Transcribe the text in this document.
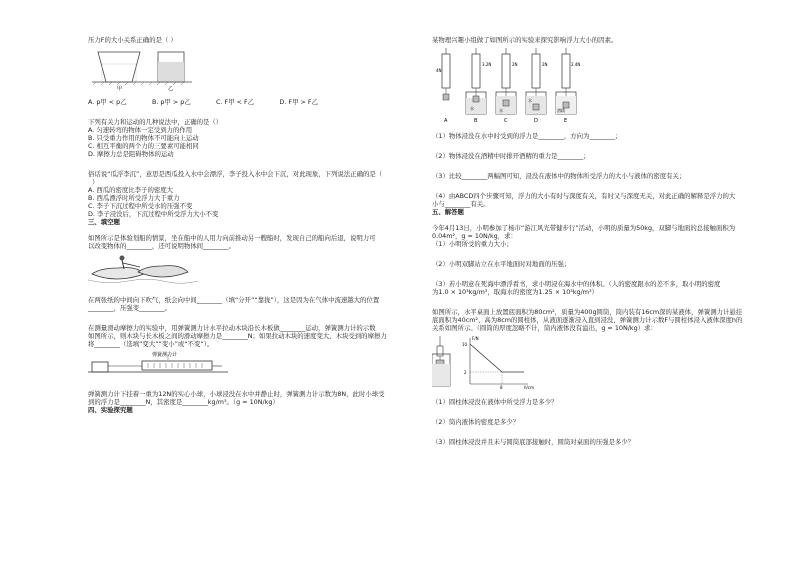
压力F的大小关系正确的是（ ）
甲	乙
A. p甲 < p乙	B. p甲 > p乙	C. F甲 < F乙	D. F甲 > F乙
下列有关力和运动的几种说法中，正确的是（）
A. 匀速转弯的物体一定受到力的作用
B. 只受重力作用的物体不可能向上运动
C. 相互平衡的两个力的三要素可能相同
D. 摩擦力总是阻碍物体的运动
俗话说“瓜浮李沉”，意思是西瓜投入水中会漂浮，李子投入水中会下沉，对此现象，下列说法正确的是（
）
A. 西瓜的密度比李子的密度大
B. 西瓜漂浮时所受浮力大于重力
C. 李子下沉过程中所受水的压强不变
D. 李子浸没后，下沉过程中所受浮力大小不变
三、填空题
如图所示是体验划船的情景，坐在船中的人用力向前推动另一艘船时，发现自己的船向后退，说明力可
以改变物体的________，还可说明物体间________。
在两张纸的中间向下吹气，纸会向中间________（填“分开”“靠拢”），这是因为在气体中流速越大的位置
________，压强变________。
在测量滑动摩擦力的实验中，用弹簧测力计水平拉动木块沿长木板做________运动，弹簧测力计的示数
如图所示，则木块与长木板之间的滑动摩擦力是________N；如果拉动木块的速度变大，木块受到的摩擦力
将________（选填“变大”“变小”或“不变”）。
弹簧测力计
弹簧测力计下挂着一重为12N的实心小球，小球浸没在水中并静止时，弹簧测力计示数为8N，此时小球受
到的浮力是________N，其密度是________kg/m³。（g = 10N/kg）
四、实验探究题
某物理兴趣小组做了如图所示的实验来探究影响浮力大小的因素。
4N
A
3.2N
水
B
2N
水
C
2N
水
D
2.4N
酒精
E
（1）物体浸没在水中时受到的浮力是________，方向为________；
（2）物体浸没在酒精中时排开酒精的重力是________；
（3）比较________两幅图可知，浸没在液体中的物体所受浮力的大小与液体的密度有关；
（4）由ABCD四个步骤可知，浮力的大小有时与深度有关，有时又与深度无关，对此正确的解释是浮力的大
小与________有关。
五、解答题
今年4月13日，小明参加了杨市“游江风光带健步行”活动，小明的质量为50kg，双脚与地面的总接触面积为
0.04m²，g = 10N/kg，求：
（1）小明所受的重力大小；
（2）小明双脚站立在水平地面时对地面的压强；
（3）若小明意在死海中漂浮看书，求小明浸在海水中的体积。（人的密度跟水的差不多，取小明的密度
为1.0 × 10³kg/m³，取海水的密度为1.25 × 10³kg/m³）
如图所示，水平桌面上放置底面积为80cm²，质量为400g圆筒，筒内装有16cm深的某液体，弹簧测力计悬挂
底面积为40cm²、高为8cm的圆柱体，从液面逐渐浸入直到浸没，弹簧测力计示数F与圆柱体浸入液体深度h的
关系如图所示。（圆筒的厚度忽略不计，筒内液体没有溢出，g = 10N/kg）求：
F/N
h/cm
10
2
8
（1）圆柱体浸没在液体中所受浮力是多少？
（2）筒内液体的密度是多少？
（3）圆柱体浸没并且未与圆筒底部接触时，圆筒对桌面的压强是多少？
